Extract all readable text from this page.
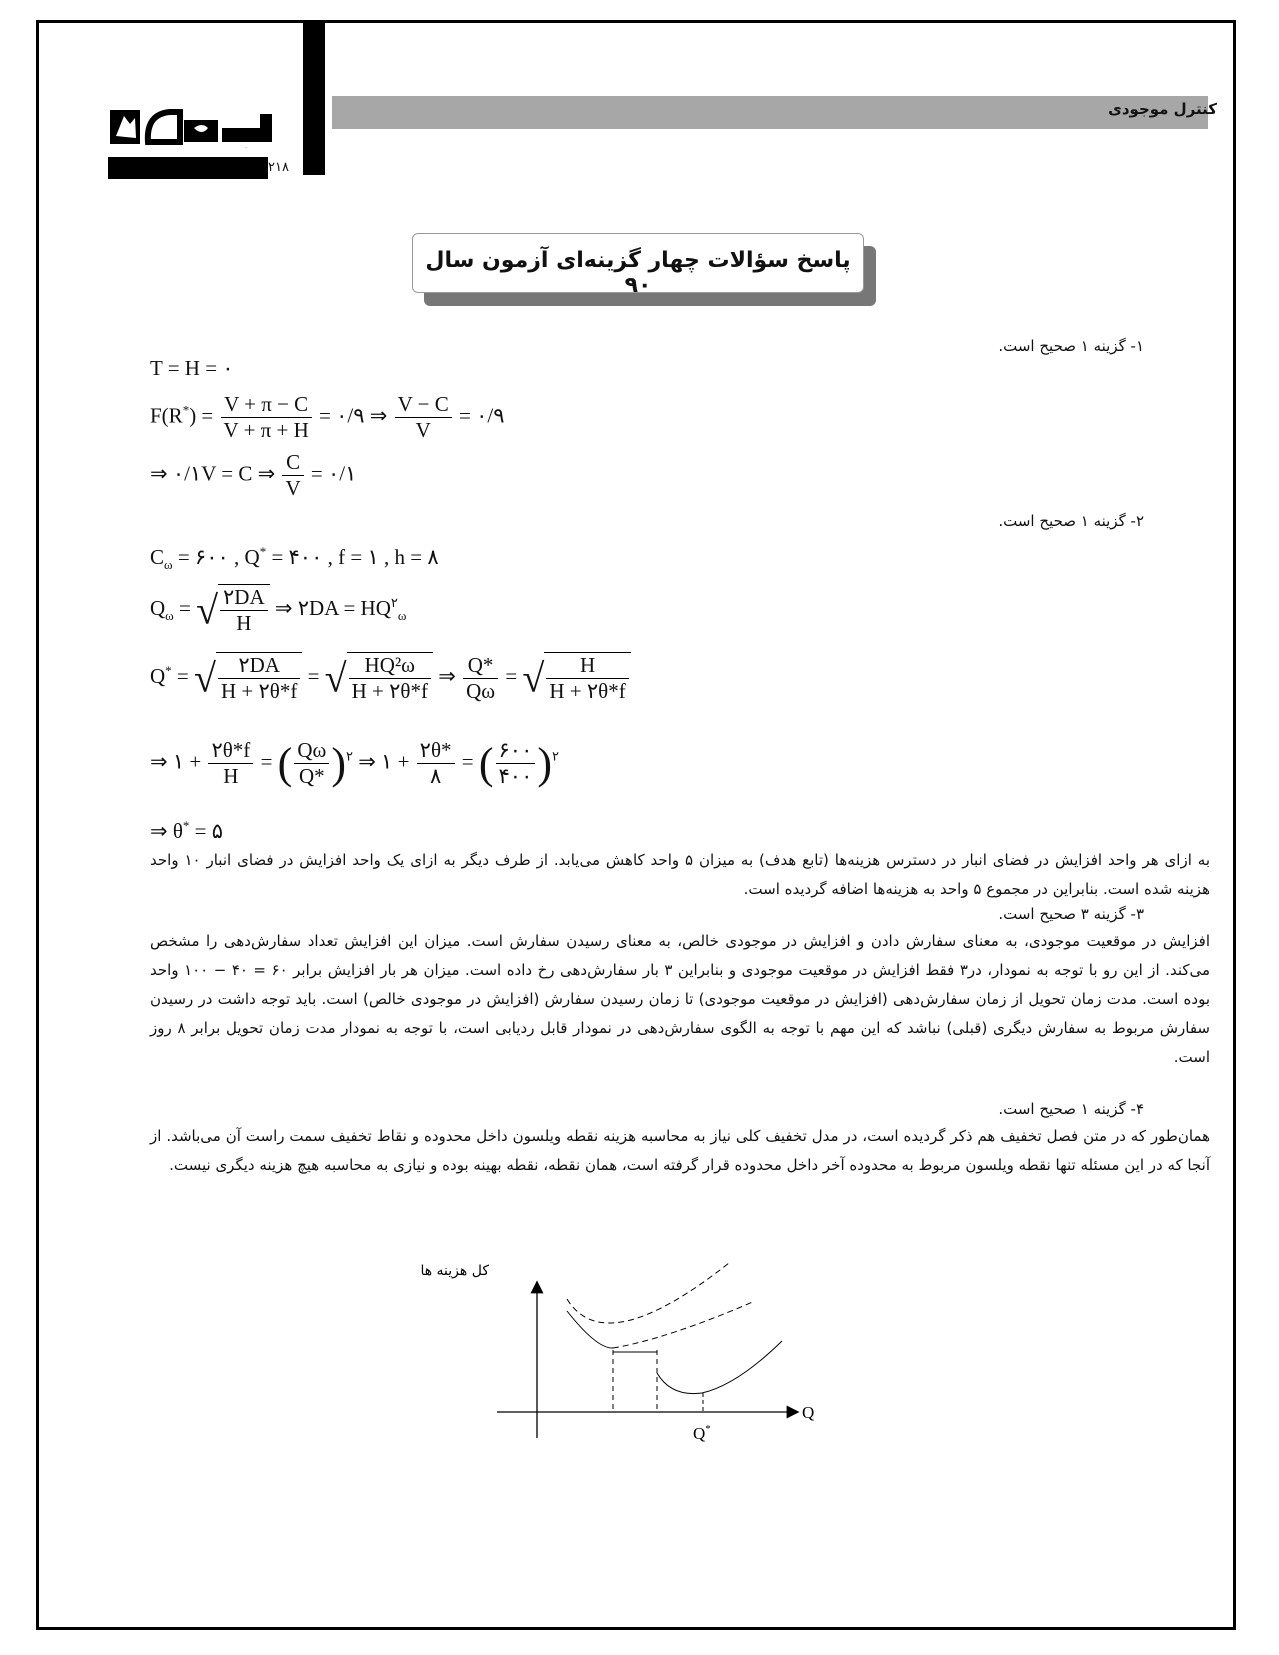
کنترل موجودی
ماهان
۲۱۸
پاسخ سؤالات چهار گزینه‌ای آزمون سال ۹۰
۱- گزینه ۱ صحیح است.
T = H = ۰
$F(R^*) = \frac{V + \pi - C}{V + \pi + H}$ = ۰/۹ ⇒ $\frac{V - C}{V}$ = ۰/۹
⇒ ۰/۱V = C ⇒ $\frac{C}{V}$ = ۰/۱
۲- گزینه ۱ صحیح است.
$C_\omega$ = ۶۰۰ , Q* = ۴۰۰ , f = ۱ , h = ۸
$Q_\omega$ = √ $\frac{۲DA}{H}$ ⇒ ۲DA = $HQ^۲_\omega$
Q* = √ $\frac{۲DA}{H + ۲\theta*f}$ = √ $\frac{\text{HQ²ω}}{H + ۲\theta*f}$ ⇒ $\frac{Q*}{Q\omega}$ = √ $\frac{H}{H + ۲\theta*f}$
⇒ ۱ + $\frac{۲\theta*f}{H}$ = ( $\frac{Q\omega}{Q*} )^۲$ ⇒ ۱ + $\frac{۲\theta*}{۸}$ = ( $\frac{۶۰۰}{۴۰۰} )^۲$
⇒ θ* = ۵
به ازای هر واحد افزایش در فضای انبار در دسترس هزینه‌ها (تابع هدف) به میزان ۵ واحد کاهش می‌یابد. از طرف دیگر به ازای یک واحد افزایش در فضای انبار ۱۰ واحد هزینه شده است. بنابراین در مجموع ۵ واحد به هزینه‌ها اضافه گردیده است.
۳- گزینه ۳ صحیح است.
افزایش در موقعیت موجودی، به معنای سفارش دادن و افزایش در موجودی خالص، به معنای رسیدن سفارش است. میزان این افزایش تعداد سفارش‌دهی را مشخص می‌کند. از این رو با توجه به نمودار، در۳ فقط افزایش در موقعیت موجودی و بنابراین ۳ بار سفارش‌دهی رخ داده است. میزان هر بار افزایش برابر ۶۰ = ۴۰ − ۱۰۰ واحد بوده است. مدت زمان تحویل از زمان سفارش‌دهی (افزایش در موقعیت موجودی) تا زمان رسیدن سفارش (افزایش در موجودی خالص) است. باید توجه داشت در رسیدن سفارش مربوط به سفارش دیگری (قبلی) نباشد که این مهم با توجه به الگوی سفارش‌دهی در نمودار قابل ردیابی است، با توجه به نمودار مدت زمان تحویل برابر ۸ روز است.
۴- گزینه ۱ صحیح است.
همان‌طور که در متن فصل تخفیف هم ذکر گردیده است، در مدل تخفیف کلی نیاز به محاسبه هزینه نقطه ویلسون داخل محدوده و نقاط تخفیف سمت راست آن می‌باشد. از آنجا که در این مسئله تنها نقطه ویلسون مربوط به محدوده آخر داخل محدوده قرار گرفته است، همان نقطه، نقطه بهینه بوده و نیازی به محاسبه هیچ هزینه دیگری نیست.
کل هزینه ها
Q
Q*
